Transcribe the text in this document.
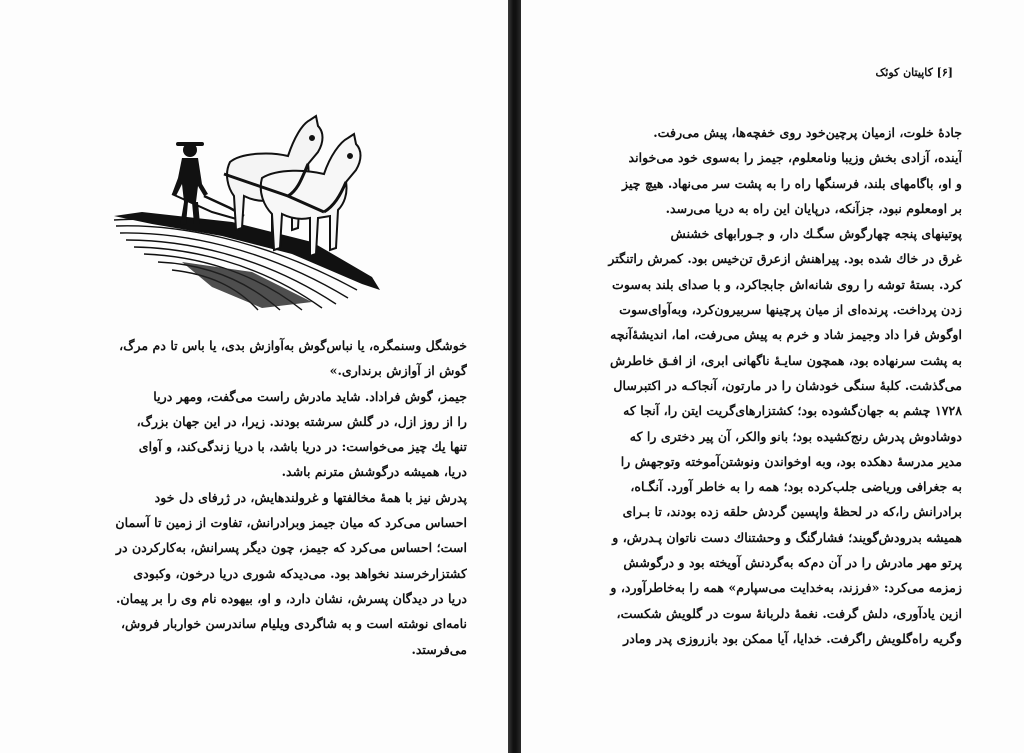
خوشگل وسنمگره، یا نباس‌گوش به‌آوازش بدی، یا باس تا دم مرگ،
گوش از آوازش برنداری.»
جیمز، گوش فراداد. شاید مادرش راست می‌گفت، ومهر دریا
را از روز ازل، در گلش سرشته بودند. زیرا، در این جهان بزرگ،
تنها یك چیز می‌خواست: در دریا باشد، با دریا زندگی‌کند، و آوای
دریا، همیشه درگوشش مترنم باشد.
پدرش نیز با همهٔ مخالفتها و غرولندهایش، در ژرفای دل خود
احساس می‌کرد که میان جیمز وبرادرانش، تفاوت از زمین تا آسمان
است؛ احساس می‌کرد که جیمز، چون دیگر پسرانش، به‌کارکردن در
کشتزارخرسند نخواهد بود. می‌دیدکه شوری دریا درخون، وکبودی
دریا در دیدگان پسرش، نشان دارد، و او، بیهوده نام وی را بر پیمان.
نامه‌ای نوشته است و به شاگردی ویلیام ساندرسن خواربار فروش،
می‌فرستد.
[۶] کاپیتان کوئک
جادهٔ خلوت، ازمیان پرچین‌خود روی خفچه‌ها، پیش می‌رفت.
آینده، آزادی بخش وزیبا ونامعلوم، جیمز را به‌سوی خود می‌خواند
و او، باگامهای بلند، فرسنگها راه را به پشت سر می‌نهاد. هیچ چیز
بر اومعلوم نبود، جزآنکه، درپایان این راه به دریا می‌رسد.
پوتینهای پنجه چهارگوش سگـك دار، و جـورابهای خشنش
غرق در خاك شده بود. پیراهنش ازعرق تن‌خیس بود. کمرش راتنگتر
کرد. بستهٔ توشه را روی شانه‌اش جابجاکرد، و با صدای بلند به‌سوت
زدن پرداخت. پرنده‌ای از میان پرچینها سربیرون‌کرد، وبه‌آوای‌سوت
اوگوش فرا داد وجیمز شاد و خرم به پیش می‌رفت، اما، اندیشهٔ‌آنچه
به پشت سرنهاده بود، همچون سایـهٔ ناگهانی ابری، از افـق خاطرش
می‌گذشت. کلبهٔ سنگی خودشان را در مارتون، آنجاکـه در اکتبرسال
۱۷۲۸ چشم به جهان‌گشوده بود؛ کشتزارهای‌گریت ایتن را، آنجا که
دوشادوش پدرش رنج‌کشیده بود؛ بانو والکر، آن پیر دختری را که
مدیر مدرسهٔ دهکده بود، وبه اوخواندن ونوشتن‌آموخته وتوجهش را
به جغرافی وریاضی جلب‌کرده بود؛ همه را به خاطر آورد. آنگـاه،
برادرانش را،که در لحظهٔ واپسین گردش حلقه زده بودند، تا بـرای
همیشه بدرودش‌گویند؛ فشارگنگ و وحشتناك دست ناتوان پـدرش، و
پرتو مهر مادرش را در آن دم‌که به‌گردنش آویخته بود و درگوشش
زمزمه می‌کرد: «فرزند، به‌خدایت می‌سپارم» همه را به‌خاطرآورد، و
ازین یادآوری، دلش گرفت. نغمهٔ دلربانهٔ سوت در گلویش شکست،
وگریه راه‌گلویش راگرفت. خدایا، آیا ممکن بود بازروزی پدر ومادر
